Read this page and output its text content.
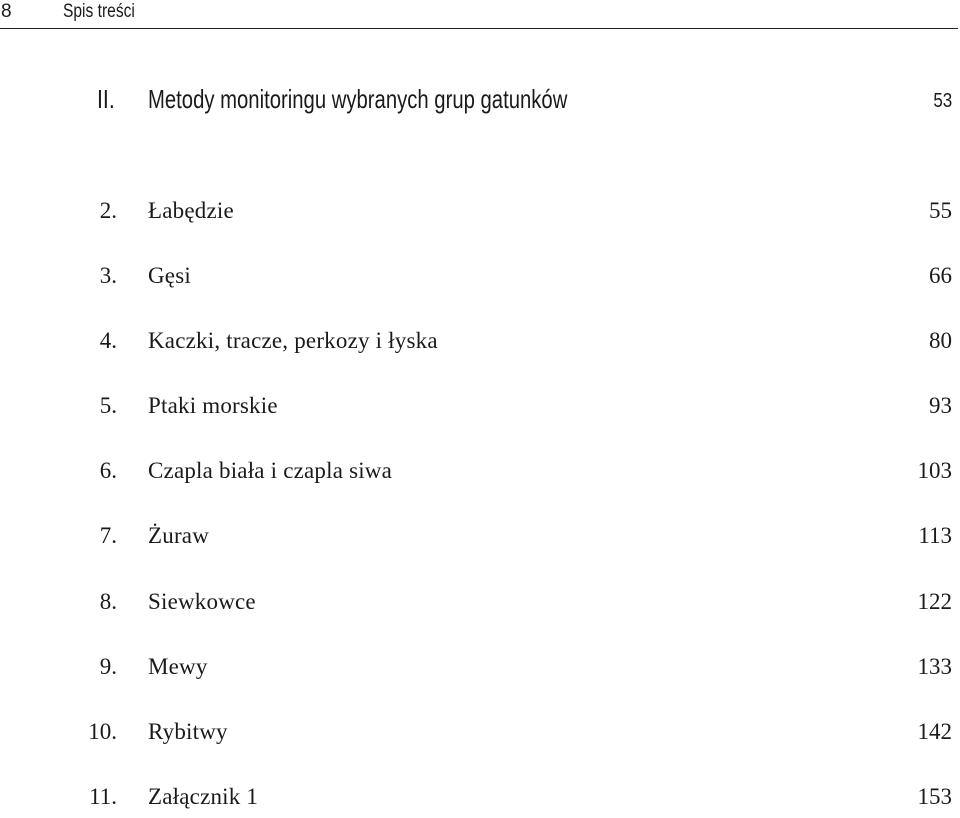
8	Spis treści
II. Metody monitoringu wybranych grup gatunków	53
2. Łabędzie	55
3. Gęsi	66
4. Kaczki, tracze, perkozy i łyska	80
5. Ptaki morskie	93
6. Czapla biała i czapla siwa	103
7. Żuraw	113
8. Siewkowce	122
9. Mewy	133
10. Rybitwy	142
11. Załącznik 1	153
